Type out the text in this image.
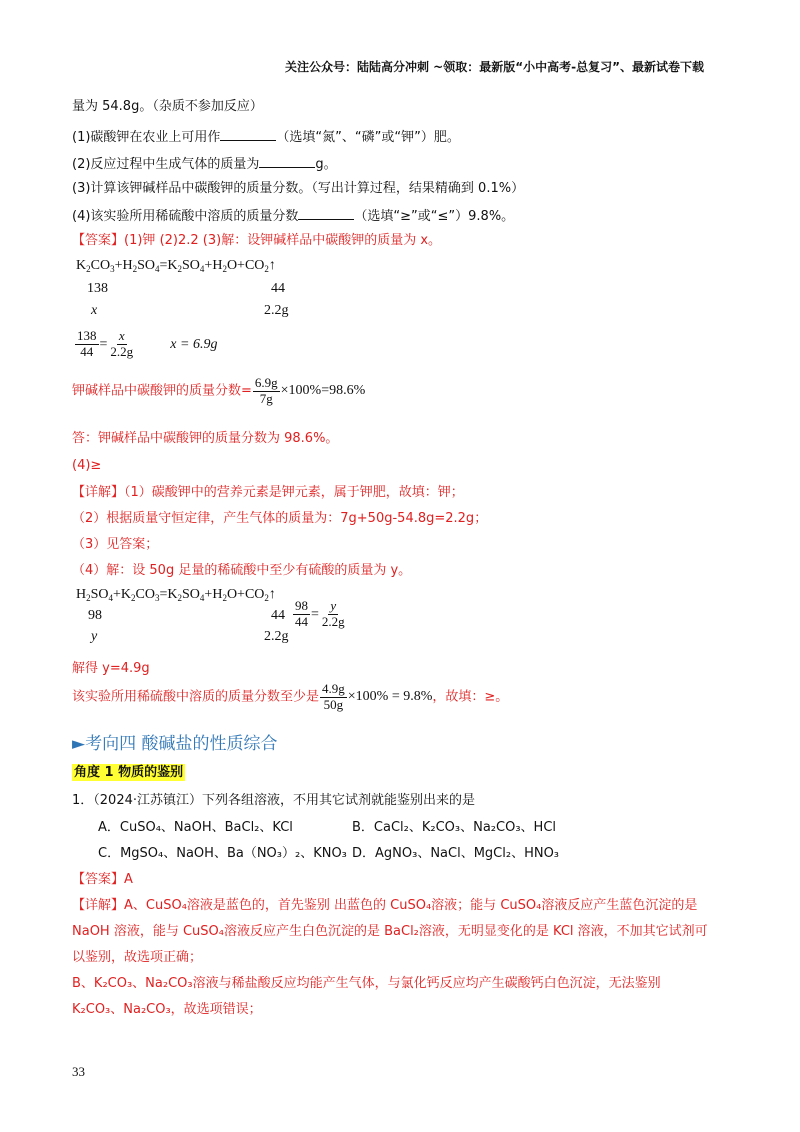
关注公众号：陆陆高分冲刺 ~领取：最新版“小中高考-总复习”、最新试卷下载
量为 54.8g。（杂质不参加反应）
(1)碳酸钾在农业上可用作	（选填“氮”、“磷”或“钾”）肥。
(2)反应过程中生成气体的质量为	g。
(3)计算该钾碱样品中碳酸钾的质量分数。（写出计算过程，结果精确到 0.1%）
(4)该实验所用稀硫酸中溶质的质量分数	（选填“≥”或“≤”）9.8%。
【答案】(1)钾 (2)2.2 (3)解：设钾碱样品中碳酸钾的质量为 x。
$K_2CO_3+H_2SO_4=K_2SO_4+H_2O+CO_2↑$
138	44
x	2.2g
$\frac{138}{44} = \frac{x}{2.2g}$	x = 6.9g
钾碱样品中碳酸钾的质量分数= $\frac{6.9g}{7g} \times 100\%=98.6\%$
答：钾碱样品中碳酸钾的质量分数为 98.6%。
(4)≥
【详解】（1）碳酸钾中的营养元素是钾元素，属于钾肥，故填：钾；
（2）根据质量守恒定律，产生气体的质量为：7g+50g-54.8g=2.2g；
（3）见答案；
（4）解：设 50g 足量的稀硫酸中至少有硫酸的质量为 y。
$H_2SO_4+K_2CO_3=K_2SO_4+H_2O+CO_2↑$
98	$44 \frac{98}{44} = \frac{y}{2.2g}$
y	2.2g
解得 y=4.9g
该实验所用稀硫酸中溶质的质量分数至少是 $\frac{4.9g}{50g} \times 100\% = 9.8\%$，故填：≥。
►考向四 酸碱盐的性质综合
角度 1 物质的鉴别
1．（2024·江苏镇江）下列各组溶液，不用其它试剂就能鉴别出来的是
A．CuSO₄、NaOH、BaCl₂、KCl	B．CaCl₂、K₂CO₃、Na₂CO₃、HCl
C．MgSO₄、NaOH、Ba（NO₃）₂、KNO₃ D．AgNO₃、NaCl、MgCl₂、HNO₃
【答案】A
【详解】A、CuSO₄溶液是蓝色的，首先鉴别 出蓝色的 CuSO₄溶液；能与 CuSO₄溶液反应产生蓝色沉淀的是
NaOH 溶液，能与 CuSO₄溶液反应产生白色沉淀的是 BaCl₂溶液，无明显变化的是 KCl 溶液，不加其它试剂可
以鉴别，故选项正确；
B、K₂CO₃、Na₂CO₃溶液与稀盐酸反应均能产生气体，与氯化钙反应均产生碳酸钙白色沉淀，无法鉴别
K₂CO₃、Na₂CO₃，故选项错误；
33
